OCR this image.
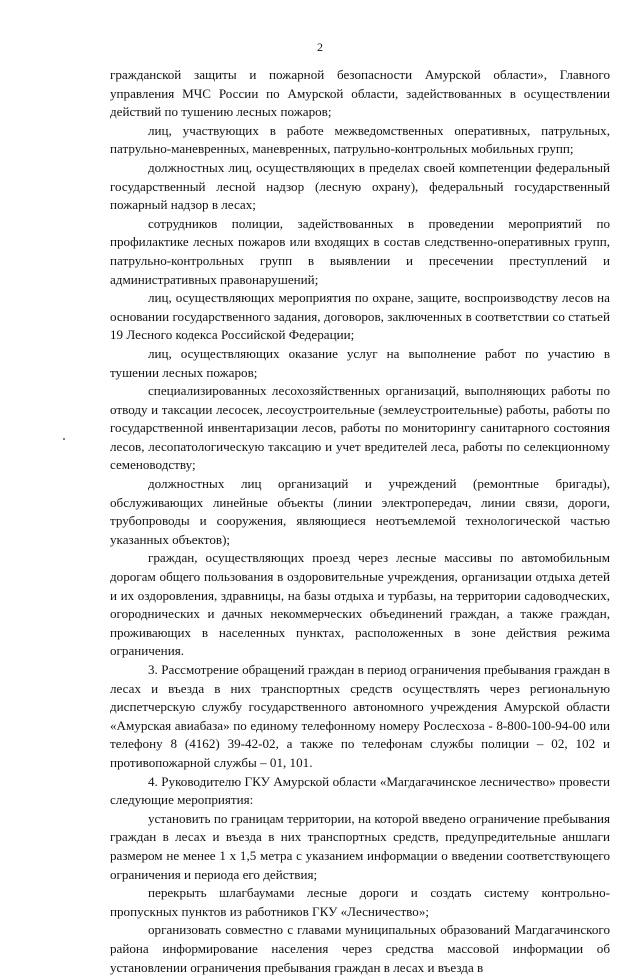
2

гражданской защиты и пожарной безопасности Амурской области», Главного управления МЧС России по Амурской области, задействованных в осуществлении действий по тушению лесных пожаров;

лиц, участвующих в работе межведомственных оперативных, патрульных, патрульно-маневренных, маневренных, патрульно-контрольных мобильных групп;

должностных лиц, осуществляющих в пределах своей компетенции федеральный государственный лесной надзор (лесную охрану), федеральный государственный пожарный надзор в лесах;

сотрудников полиции, задействованных в проведении мероприятий по профилактике лесных пожаров или входящих в состав следственно-оперативных групп, патрульно-контрольных групп в выявлении и пресечении преступлений и административных правонарушений;

лиц, осуществляющих мероприятия по охране, защите, воспроизводству лесов на основании государственного задания, договоров, заключенных в соответствии со статьей 19 Лесного кодекса Российской Федерации;

лиц, осуществляющих оказание услуг на выполнение работ по участию в тушении лесных пожаров;

специализированных лесохозяйственных организаций, выполняющих работы по отводу и таксации лесосек, лесоустроительные (землеустроительные) работы, работы по государственной инвентаризации лесов, работы по мониторингу санитарного состояния лесов, лесопатологическую таксацию и учет вредителей леса, работы по селекционному семеноводству;

должностных лиц организаций и учреждений (ремонтные бригады), обслуживающих линейные объекты (линии электропередач, линии связи, дороги, трубопроводы и сооружения, являющиеся неотъемлемой технологической частью указанных объектов);

граждан, осуществляющих проезд через лесные массивы по автомобильным дорогам общего пользования в оздоровительные учреждения, организации отдыха детей и их оздоровления, здравницы, на базы отдыха и турбазы, на территории садоводческих, огороднических и дачных некоммерческих объединений граждан, а также граждан, проживающих в населенных пунктах, расположенных в зоне действия режима ограничения.

3. Рассмотрение обращений граждан в период ограничения пребывания граждан в лесах и въезда в них транспортных средств осуществлять через региональную диспетчерскую службу государственного автономного учреждения Амурской области «Амурская авиабаза» по единому телефонному номеру Рослесхоза - 8-800-100-94-00 или телефону 8 (4162) 39-42-02, а также по телефонам службы полиции – 02, 102 и противопожарной службы – 01, 101.

4. Руководителю ГКУ Амурской области «Магдагачинское лесничество» провести следующие мероприятия:

установить по границам территории, на которой введено ограничение пребывания граждан в лесах и въезда в них транспортных средств, предупредительные аншлаги размером не менее 1 х 1,5 метра с указанием информации о введении соответствующего ограничения и периода его действия;

перекрыть шлагбаумами лесные дороги и создать систему контрольно-пропускных пунктов из работников ГКУ «Лесничество»;

организовать совместно с главами муниципальных образований Магдагачинского района информирование населения через средства массовой информации об установлении ограничения пребывания граждан в лесах и въезда в
